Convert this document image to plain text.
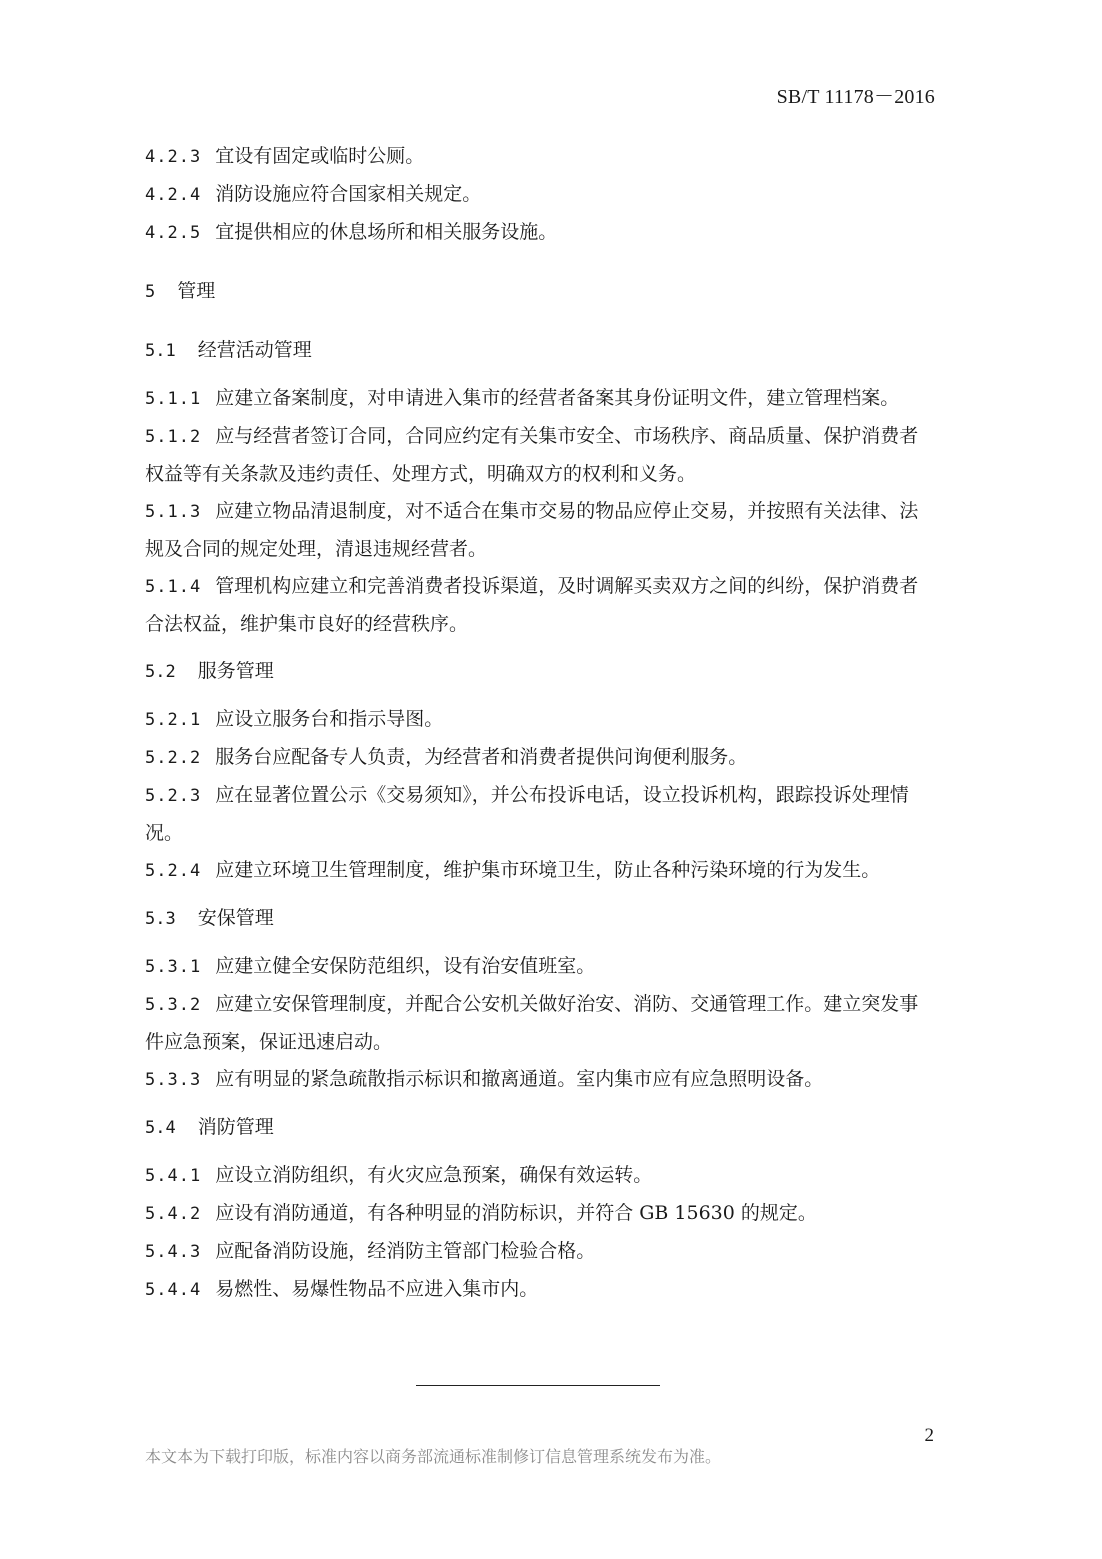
SB/T 11178－2016
4.2.3 宜设有固定或临时公厕。
4.2.4 消防设施应符合国家相关规定。
4.2.5 宜提供相应的休息场所和相关服务设施。
5 管理
5.1 经营活动管理
5.1.1 应建立备案制度，对申请进入集市的经营者备案其身份证明文件，建立管理档案。
5.1.2 应与经营者签订合同，合同应约定有关集市安全、市场秩序、商品质量、保护消费者
权益等有关条款及违约责任、处理方式，明确双方的权利和义务。
5.1.3 应建立物品清退制度，对不适合在集市交易的物品应停止交易，并按照有关法律、法
规及合同的规定处理，清退违规经营者。
5.1.4 管理机构应建立和完善消费者投诉渠道，及时调解买卖双方之间的纠纷，保护消费者
合法权益，维护集市良好的经营秩序。
5.2 服务管理
5.2.1 应设立服务台和指示导图。
5.2.2 服务台应配备专人负责，为经营者和消费者提供问询便利服务。
5.2.3 应在显著位置公示《交易须知》，并公布投诉电话，设立投诉机构，跟踪投诉处理情
况。
5.2.4 应建立环境卫生管理制度，维护集市环境卫生，防止各种污染环境的行为发生。
5.3 安保管理
5.3.1 应建立健全安保防范组织，设有治安值班室。
5.3.2 应建立安保管理制度，并配合公安机关做好治安、消防、交通管理工作。建立突发事
件应急预案，保证迅速启动。
5.3.3 应有明显的紧急疏散指示标识和撤离通道。室内集市应有应急照明设备。
5.4 消防管理
5.4.1 应设立消防组织，有火灾应急预案，确保有效运转。
5.4.2 应设有消防通道，有各种明显的消防标识，并符合 GB 15630 的规定。
5.4.3 应配备消防设施，经消防主管部门检验合格。
5.4.4 易燃性、易爆性物品不应进入集市内。
2
本文本为下载打印版，标准内容以商务部流通标准制修订信息管理系统发布为准。
